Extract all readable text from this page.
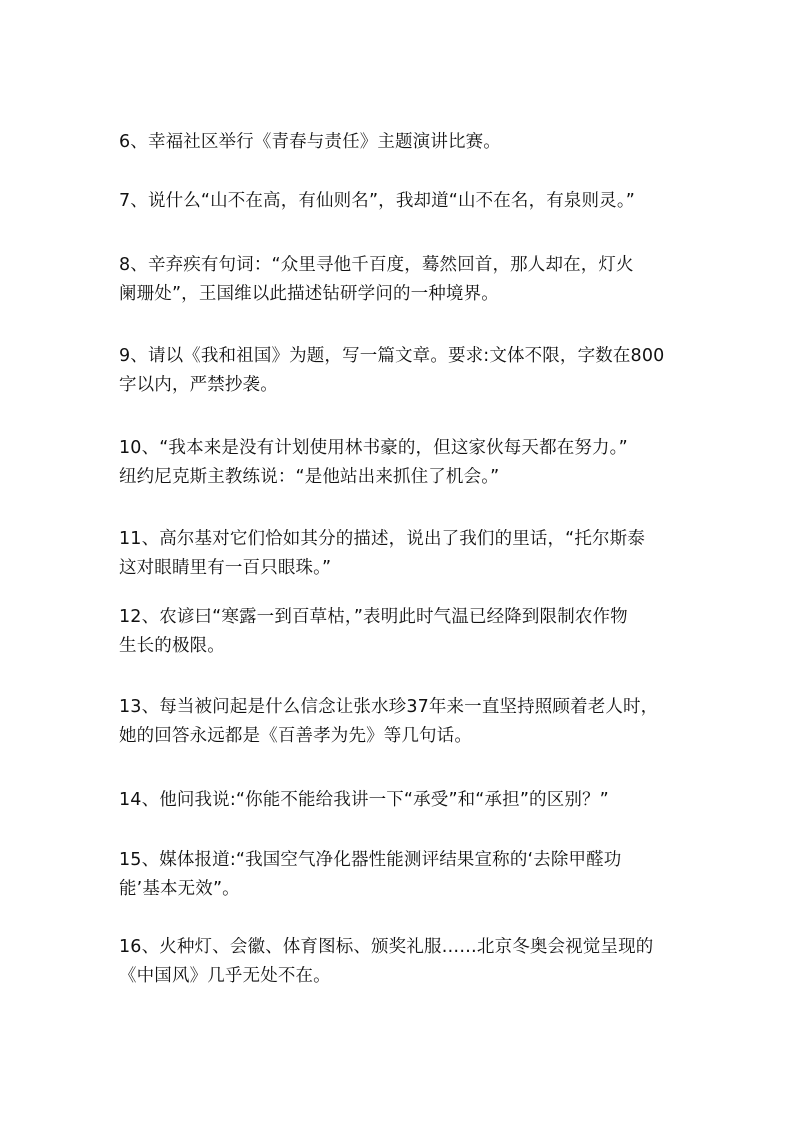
6、幸福社区举行《青春与责任》主题演讲比赛。

7、说什么“山不在高，有仙则名”，我却道“山不在名，有泉则灵。”

8、辛弃疾有句词：“众里寻他千百度，蓦然回首，那人却在，灯火
阑珊处”，王国维以此描述钻研学问的一种境界。

9、请以《我和祖国》为题，写一篇文章。要求:文体不限，字数在800
字以内，严禁抄袭。

10、“我本来是没有计划使用林书豪的，但这家伙每天都在努力。”
纽约尼克斯主教练说：“是他站出来抓住了机会。”

11、高尔基对它们恰如其分的描述，说出了我们的里话，“托尔斯泰
这对眼睛里有一百只眼珠。”

12、农谚曰“寒露一到百草枯，”表明此时气温已经降到限制农作物
生长的极限。

13、每当被问起是什么信念让张水珍37年来一直坚持照顾着老人时，
她的回答永远都是《百善孝为先》等几句话。

14、他问我说:“你能不能给我讲一下“承受”和“承担”的区别？”

15、媒体报道:“我国空气净化器性能测评结果宣称的‘去除甲醛功
能’基本无效”。

16、火种灯、会徽、体育图标、颁奖礼服……北京冬奥会视觉呈现的
《中国风》几乎无处不在。
